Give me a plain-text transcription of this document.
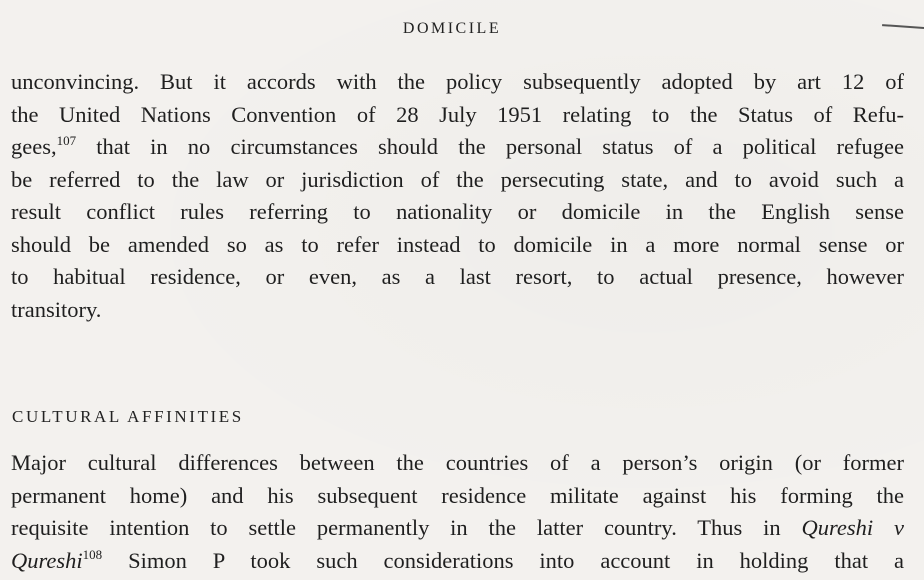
DOMICILE

unconvincing. But it accords with the policy subsequently adopted by art 12 of
the United Nations Convention of 28 July 1951 relating to the Status of Refu-
gees,$^{107}$ that in no circumstances should the personal status of a political refugee
be referred to the law or jurisdiction of the persecuting state, and to avoid such a
result conflict rules referring to nationality or domicile in the English sense
should be amended so as to refer instead to domicile in a more normal sense or
to habitual residence, or even, as a last resort, to actual presence, however
transitory.

CULTURAL AFFINITIES

Major cultural differences between the countries of a person’s origin (or former
permanent home) and his subsequent residence militate against his forming the
requisite intention to settle permanently in the latter country. Thus in Qureshi v
Qureshi$^{108}$ Simon P took such considerations into account in holding that a
